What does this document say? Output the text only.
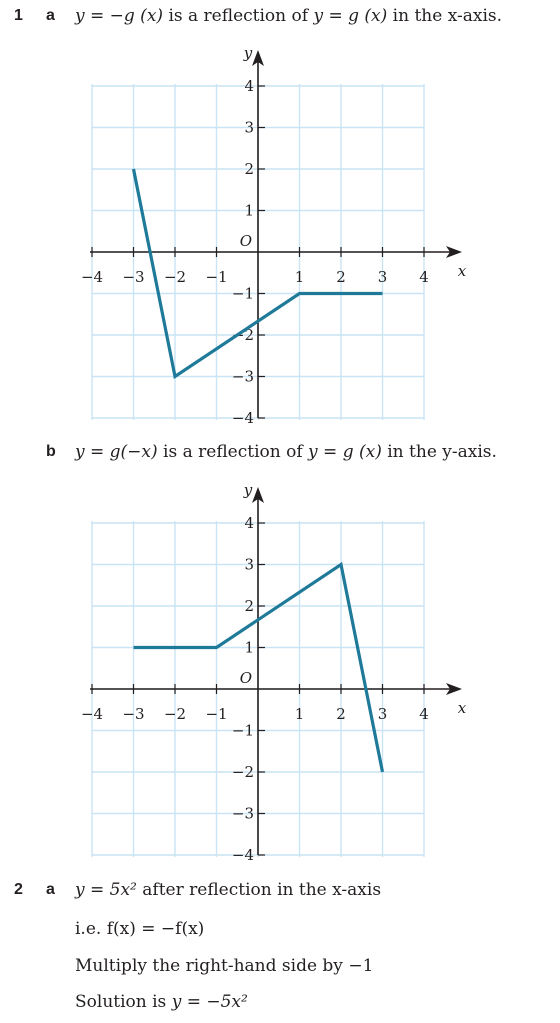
1 a y = −g (x) is a reflection of y = g (x) in the x-axis.
−4 −3 −2 −1	1 2 3 4
4
3
2
1
−1
−2
−3
−4
O
x
y
b y = g(−x) is a reflection of y = g (x) in the y-axis.
−4 −3 −2 −1	1 2 3 4
4
3
2
1
−1
−2
−3
−4
O
x
y
2 a y = 5x² after reflection in the x-axis
i.e. f(x) = −f(x)
Multiply the right-hand side by −1
Solution is y = −5x²
